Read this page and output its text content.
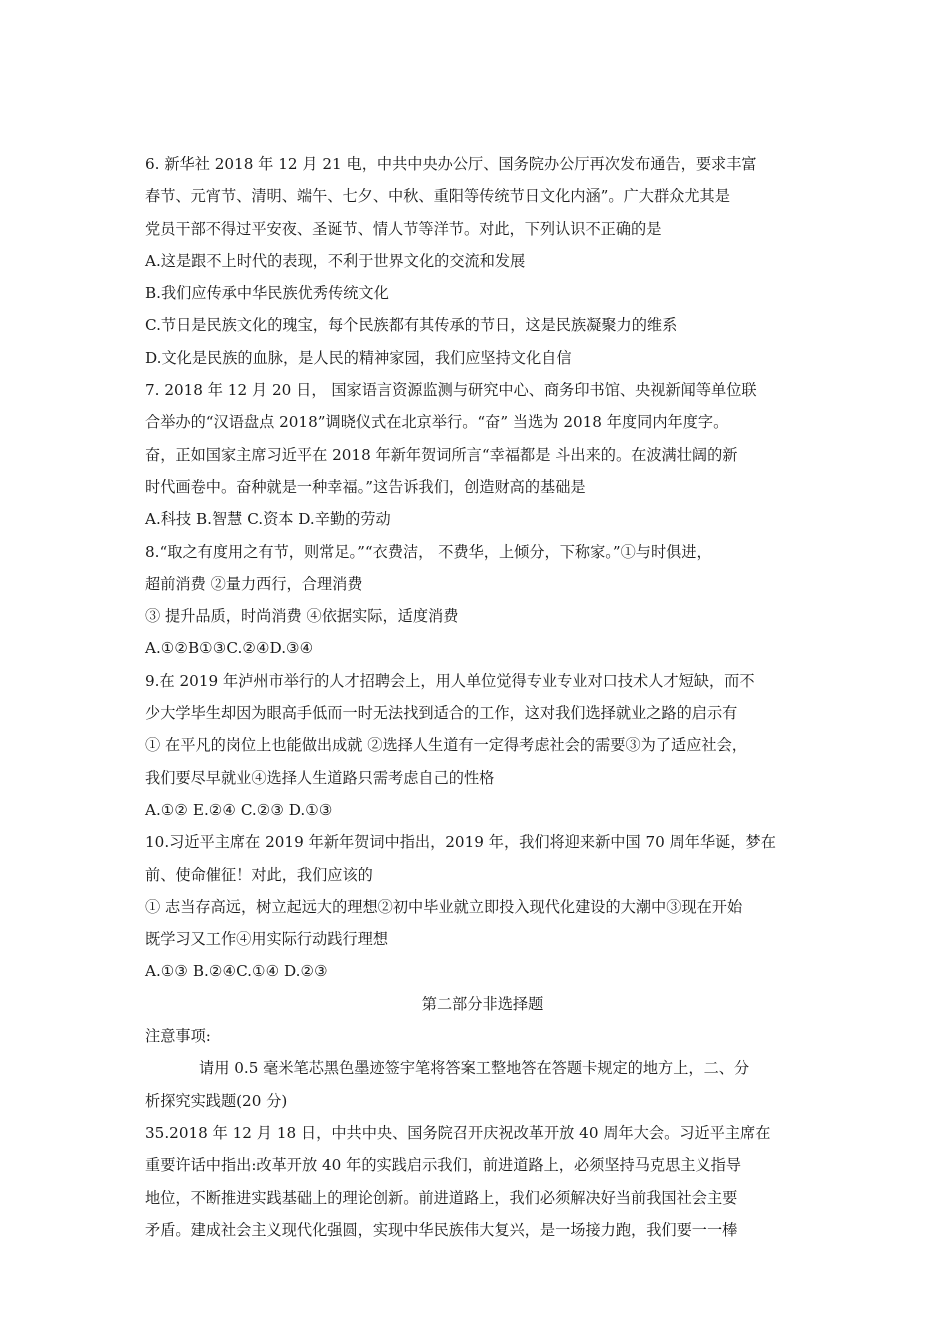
6. 新华社 2018 年 12 月 21 电，中共中央办公厅、国务院办公厅再次发布通告，要求丰富
春节、元宵节、清明、端午、七夕、中秋、重阳等传统节日文化内涵”。广大群众尤其是
党员干部不得过平安夜、圣诞节、情人节等洋节。对此，下列认识不正确的是
A.这是跟不上时代的表现，不利于世界文化的交流和发展
B.我们应传承中华民族优秀传统文化
C.节日是民族文化的瑰宝，每个民族都有其传承的节日，这是民族凝聚力的维系
D.文化是民族的血脉，是人民的精神家园，我们应坚持文化自信
7. 2018 年 12 月 20 日， 国家语言资源监测与研究中心、商务印书馆、央视新闻等单位联
合举办的“汉语盘点 2018”调晓仪式在北京举行。“奋” 当选为 2018 年度同内年度字。
奋，正如国家主席习近平在 2018 年新年贺词所言“幸福都是 斗出来的。在波满壮阔的新
时代画卷中。奋种就是一种幸福。”这告诉我们，创造财高的基础是
A.科技 B.智慧 C.资本 D.辛勤的劳动
8.“取之有度用之有节，则常足。”“衣费洁， 不费华，上倾分，下称家。”①与时俱进，
超前消费 ②量力西行，合理消费
③ 提升品质，时尚消费 ④依据实际，适度消费
A.①②B①③C.②④D.③④
9.在 2019 年泸州市举行的人才招聘会上，用人单位觉得专业专业对口技术人才短缺，而不
少大学毕生却因为眼高手低而一时无法找到适合的工作，这对我们选择就业之路的启示有
① 在平凡的岗位上也能做出成就 ②选择人生道有一定得考虑社会的需要③为了适应社会，
我们要尽早就业④选择人生道路只需考虑自己的性格
A.①② E.②④ C.②③ D.①③
10.习近平主席在 2019 年新年贺词中指出，2019 年，我们将迎来新中国 70 周年华诞，梦在
前、使命催征！对此，我们应该的
① 志当存高远，树立起远大的理想②初中毕业就立即投入现代化建设的大潮中③现在开始
既学习又工作④用实际行动践行理想
A.①③ B.②④C.①④ D.②③
第二部分非选择题
注意事项:
请用 0.5 毫米笔芯黑色墨迹签宇笔将答案工整地答在答题卡规定的地方上，二、分
析探究实践题(20 分)
35.2018 年 12 月 18 日，中共中央、国务院召开庆祝改革开放 40 周年大会。习近平主席在
重要许话中指出:改革开放 40 年的实践启示我们，前进道路上，必须坚持马克思主义指导
地位，不断推进实践基础上的理论创新。前进道路上，我们必须解决好当前我国社会主要
矛盾。建成社会主义现代化强圆，实现中华民族伟大复兴，是一场接力跑，我们要一一棒
